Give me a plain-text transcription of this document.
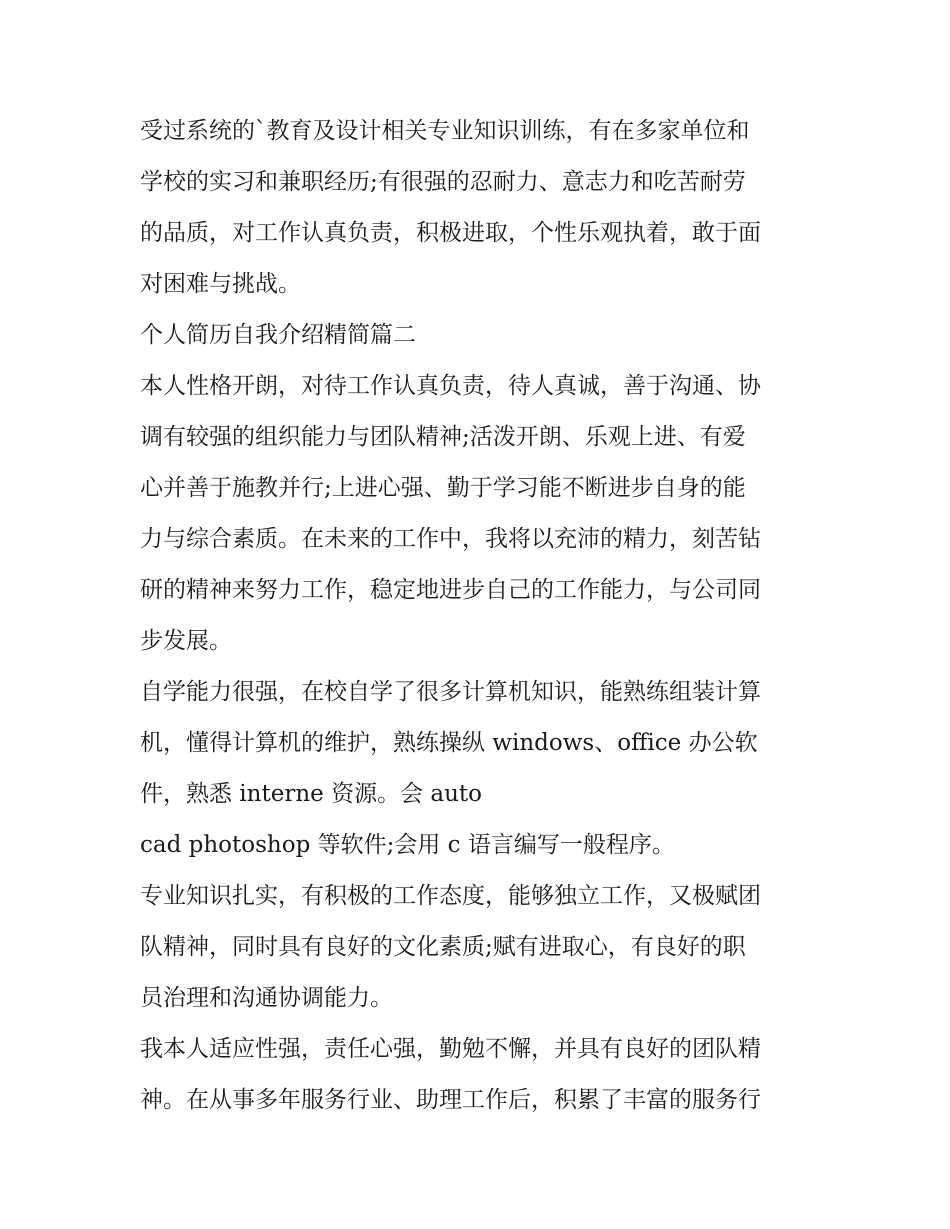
受过系统的`教育及设计相关专业知识训练，有在多家单位和
学校的实习和兼职经历;有很强的忍耐力、意志力和吃苦耐劳
的品质，对工作认真负责，积极进取，个性乐观执着，敢于面
对困难与挑战。
个人简历自我介绍精简篇二
本人性格开朗，对待工作认真负责，待人真诚，善于沟通、协
调有较强的组织能力与团队精神;活泼开朗、乐观上进、有爱
心并善于施教并行;上进心强、勤于学习能不断进步自身的能
力与综合素质。在未来的工作中，我将以充沛的精力，刻苦钻
研的精神来努力工作，稳定地进步自己的工作能力，与公司同
步发展。
自学能力很强，在校自学了很多计算机知识，能熟练组装计算
机，懂得计算机的维护，熟练操纵 windows、office 办公软
件，熟悉 interne 资源。会 auto
cad photoshop 等软件;会用 c 语言编写一般程序。
专业知识扎实，有积极的工作态度，能够独立工作，又极赋团
队精神，同时具有良好的文化素质;赋有进取心，有良好的职
员治理和沟通协调能力。
我本人适应性强，责任心强，勤勉不懈，并具有良好的团队精
神。在从事多年服务行业、助理工作后，积累了丰富的服务行
